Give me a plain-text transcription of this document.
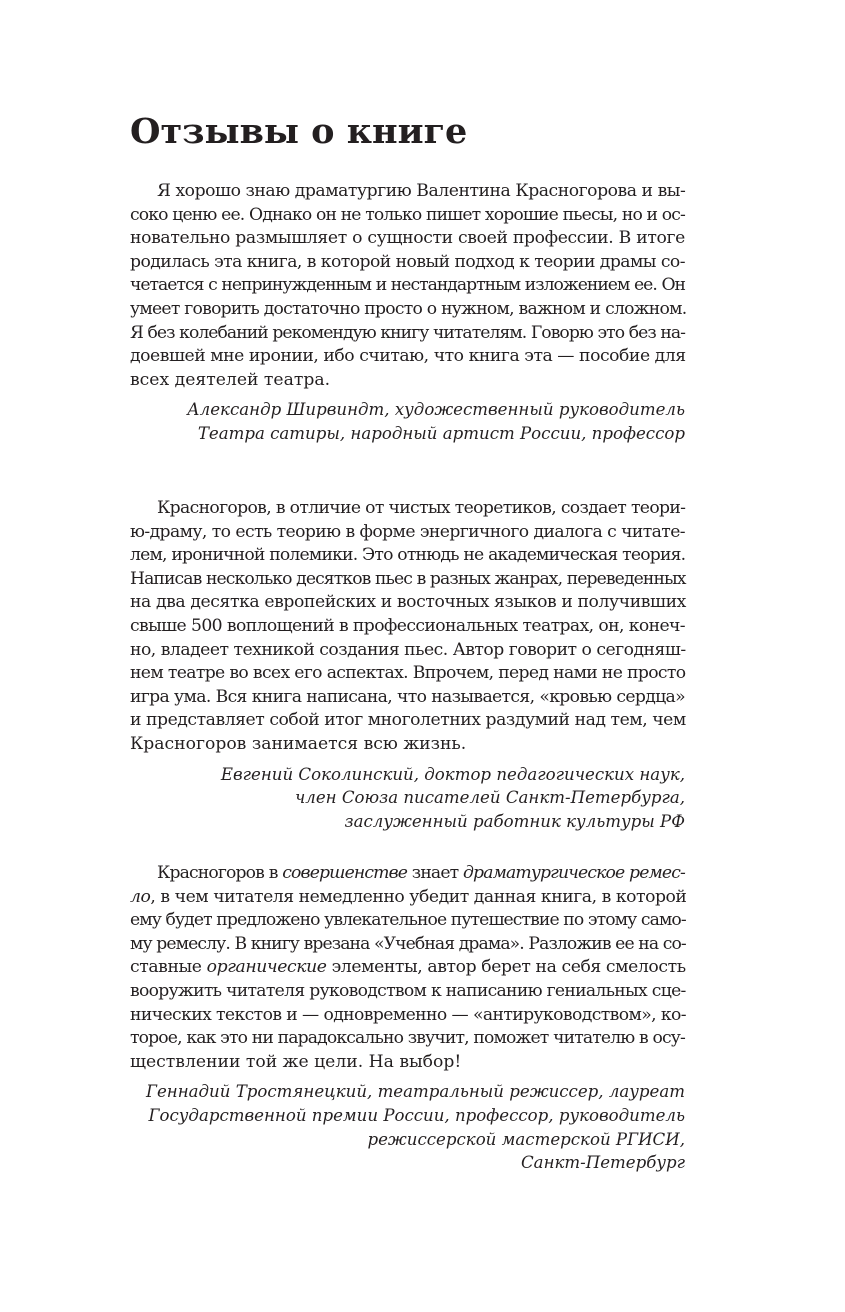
Отзывы о книге

Я хорошо знаю драматургию Валентина Красногорова и вы-
соко ценю ее. Однако он не только пишет хорошие пьесы, но и ос-
новательно размышляет о сущности своей профессии. В итоге
родилась эта книга, в которой новый подход к теории драмы со-
четается с непринужденным и нестандартным изложением ее. Он
умеет говорить достаточно просто о нужном, важном и сложном.
Я без колебаний рекомендую книгу читателям. Говорю это без на-
доевшей мне иронии, ибо считаю, что книга эта — пособие для
всех деятелей театра.

Александр Ширвиндт, художественный руководитель
Театра сатиры, народный артист России, профессор

Красногоров, в отличие от чистых теоретиков, создает теори-
ю-драму, то есть теорию в форме энергичного диалога с читате-
лем, ироничной полемики. Это отнюдь не академическая теория.
Написав несколько десятков пьес в разных жанрах, переведенных
на два десятка европейских и восточных языков и получивших
свыше 500 воплощений в профессиональных театрах, он, конеч-
но, владеет техникой создания пьес. Автор говорит о сегодняш-
нем театре во всех его аспектах. Впрочем, перед нами не просто
игра ума. Вся книга написана, что называется, «кровью сердца»
и представляет собой итог многолетних раздумий над тем, чем
Красногоров занимается всю жизнь.

Евгений Соколинский, доктор педагогических наук,
член Союза писателей Санкт-Петербурга,
заслуженный работник культуры РФ

Красногоров в совершенстве знает драматургическое ремес-
ло, в чем читателя немедленно убедит данная книга, в которой
ему будет предложено увлекательное путешествие по этому само-
му ремеслу. В книгу врезана «Учебная драма». Разложив ее на со-
ставные органические элементы, автор берет на себя смелость
вооружить читателя руководством к написанию гениальных сце-
нических текстов и — одновременно — «антируководством», ко-
торое, как это ни парадоксально звучит, поможет читателю в осу-
ществлении той же цели. На выбор!

Геннадий Тростянецкий, театральный режиссер, лауреат
Государственной премии России, профессор, руководитель
режиссерской мастерской РГИСИ,
Санкт-Петербург
